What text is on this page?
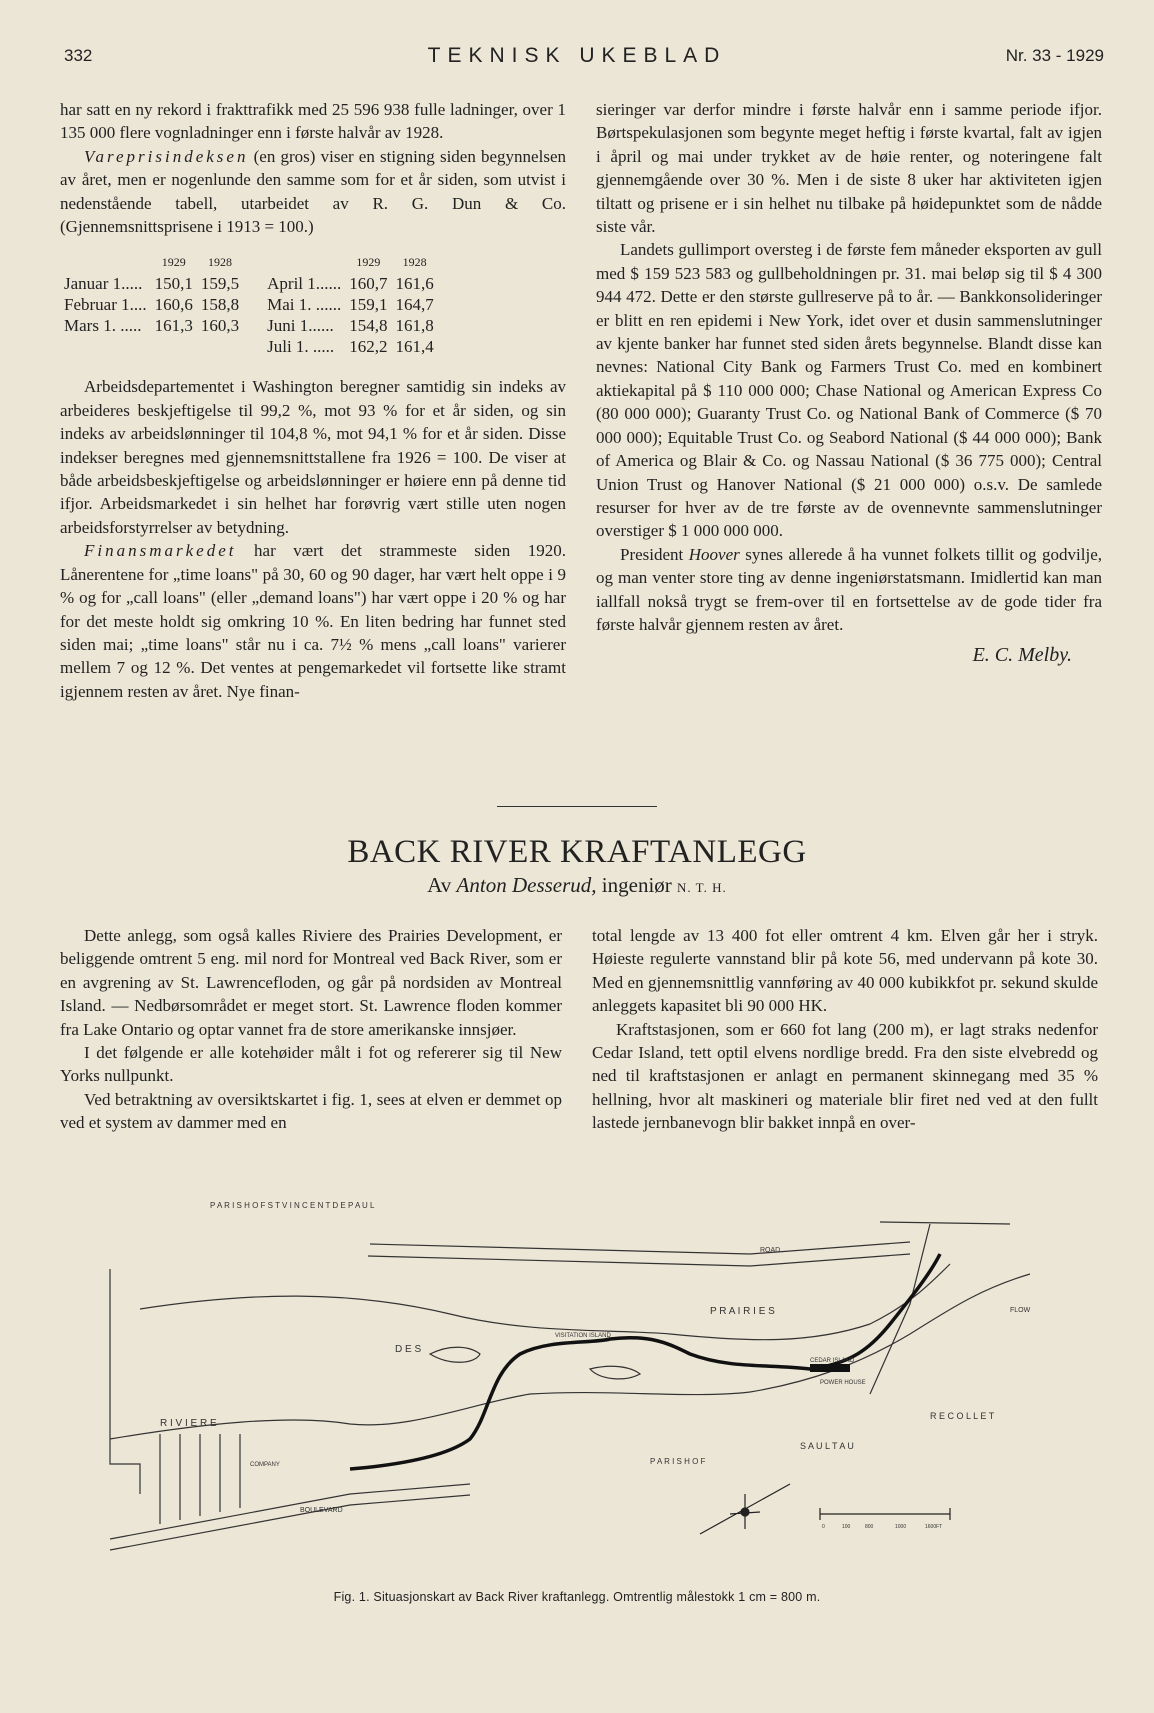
332	TEKNISK UKEBLAD	Nr. 33 - 1929

har satt en ny rekord i frakttrafikk med 25 596 938 fulle ladninger, over 1 135 000 flere vognladninger enn i første halvår av 1928.

Vareprisindeksen (en gros) viser en stigning siden begynnelsen av året, men er nogenlunde den samme som for et år siden, som utvist i nedenstående tabell, utarbeidet av R. G. Dun & Co. (Gjennemsnittsprisene i 1913 = 100.)

	1929	1928			1929	1928
Januar 1.....	150,1	159,5		April 1......	160,7	161,6
Februar 1....	160,6	158,8		Mai 1. ......	159,1	164,7
Mars 1. .....	161,3	160,3		Juni 1......	154,8	161,8
				Juli 1. .....	162,2	161,4

Arbeidsdepartementet i Washington beregner samtidig sin indeks av arbeideres beskjeftigelse til 99,2 %, mot 93 % for et år siden, og sin indeks av arbeidslønninger til 104,8 %, mot 94,1 % for et år siden. Disse indekser beregnes med gjennemsnittstallene fra 1926 = 100. De viser at både arbeidsbeskjeftigelse og arbeidslønninger er høiere enn på denne tid ifjor. Arbeidsmarkedet i sin helhet har forøvrig vært stille uten nogen arbeidsforstyrrelser av betydning.

Finansmarkedet har vært det strammeste siden 1920. Lånerentene for „time loans" på 30, 60 og 90 dager, har vært helt oppe i 9 % og for „call loans" (eller „demand loans") har vært oppe i 20 % og har for det meste holdt sig omkring 10 %. En liten bedring har funnet sted siden mai; „time loans" står nu i ca. 7½ % mens „call loans" varierer mellem 7 og 12 %. Det ventes at pengemarkedet vil fortsette like stramt igjennem resten av året. Nye finan-

sieringer var derfor mindre i første halvår enn i samme periode ifjor. Børtspekulasjonen som begynte meget heftig i første kvartal, falt av igjen i åpril og mai under trykket av de høie renter, og noteringene falt gjennemgående over 30 %. Men i de siste 8 uker har aktiviteten igjen tiltatt og prisene er i sin helhet nu tilbake på høidepunktet som de nådde siste vår.

Landets gullimport oversteg i de første fem måneder eksporten av gull med $ 159 523 583 og gullbeholdningen pr. 31. mai beløp sig til $ 4 300 944 472. Dette er den største gullreserve på to år. — Bankkonsolideringer er blitt en ren epidemi i New York, idet over et dusin sammenslutninger av kjente banker har funnet sted siden årets begynnelse. Blandt disse kan nevnes: National City Bank og Farmers Trust Co. med en kombinert aktiekapital på $ 110 000 000; Chase National og American Express Co (80 000 000); Guaranty Trust Co. og National Bank of Commerce ($ 70 000 000); Equitable Trust Co. og Seabord National ($ 44 000 000); Bank of America og Blair & Co. og Nassau National ($ 36 775 000); Central Union Trust og Hanover National ($ 21 000 000) o.s.v. De samlede resurser for hver av de tre første av de ovennevnte sammenslutninger overstiger $ 1 000 000 000.

President Hoover synes allerede å ha vunnet folkets tillit og godvilje, og man venter store ting av denne ingeniørstatsmann. Imidlertid kan man iallfall nokså trygt se frem-over til en fortsettelse av de gode tider fra første halvår gjennem resten av året.

E. C. Melby.

BACK RIVER KRAFTANLEGG
Av Anton Desserud, ingeniør N. T. H.

Dette anlegg, som også kalles Riviere des Prairies Development, er beliggende omtrent 5 eng. mil nord for Montreal ved Back River, som er en avgrening av St. Lawrencefloden, og går på nordsiden av Montreal Island. — Nedbørsområdet er meget stort. St. Lawrence floden kommer fra Lake Ontario og optar vannet fra de store amerikanske innsjøer.

I det følgende er alle kotehøider målt i fot og refererer sig til New Yorks nullpunkt.

Ved betraktning av oversiktskartet i fig. 1, sees at elven er demmet op ved et system av dammer med en

total lengde av 13 400 fot eller omtrent 4 km. Elven går her i stryk. Høieste regulerte vannstand blir på kote 56, med undervann på kote 30. Med en gjennemsnittlig vannføring av 40 000 kubikkfot pr. sekund skulde anleggets kapasitet bli 90 000 HK.

Kraftstasjonen, som er 660 fot lang (200 m), er lagt straks nedenfor Cedar Island, tett optil elvens nordlige bredd. Fra den siste elvebredd og ned til kraftstasjonen er anlagt en permanent skinnegang med 35 % hellning, hvor alt maskineri og materiale blir firet ned ved at den fullt lastede jernbanevogn blir bakket innpå en over-

P A R I S H O F S T V I N C E N T D E P A U L
P R A I R I E S
D E S
R I V I E R E
R E C O L L E T
S A U L T A U
P A R I S H O F
ROAD
BOULEVARD
VISITATION ISLAND
FLOW
CEDAR ISLAND
POWER HOUSE
COMPANY
0	100	800	1000	1600FT
Fig. 1. Situasjonskart av Back River kraftanlegg. Omtrentlig målestokk 1 cm = 800 m.
